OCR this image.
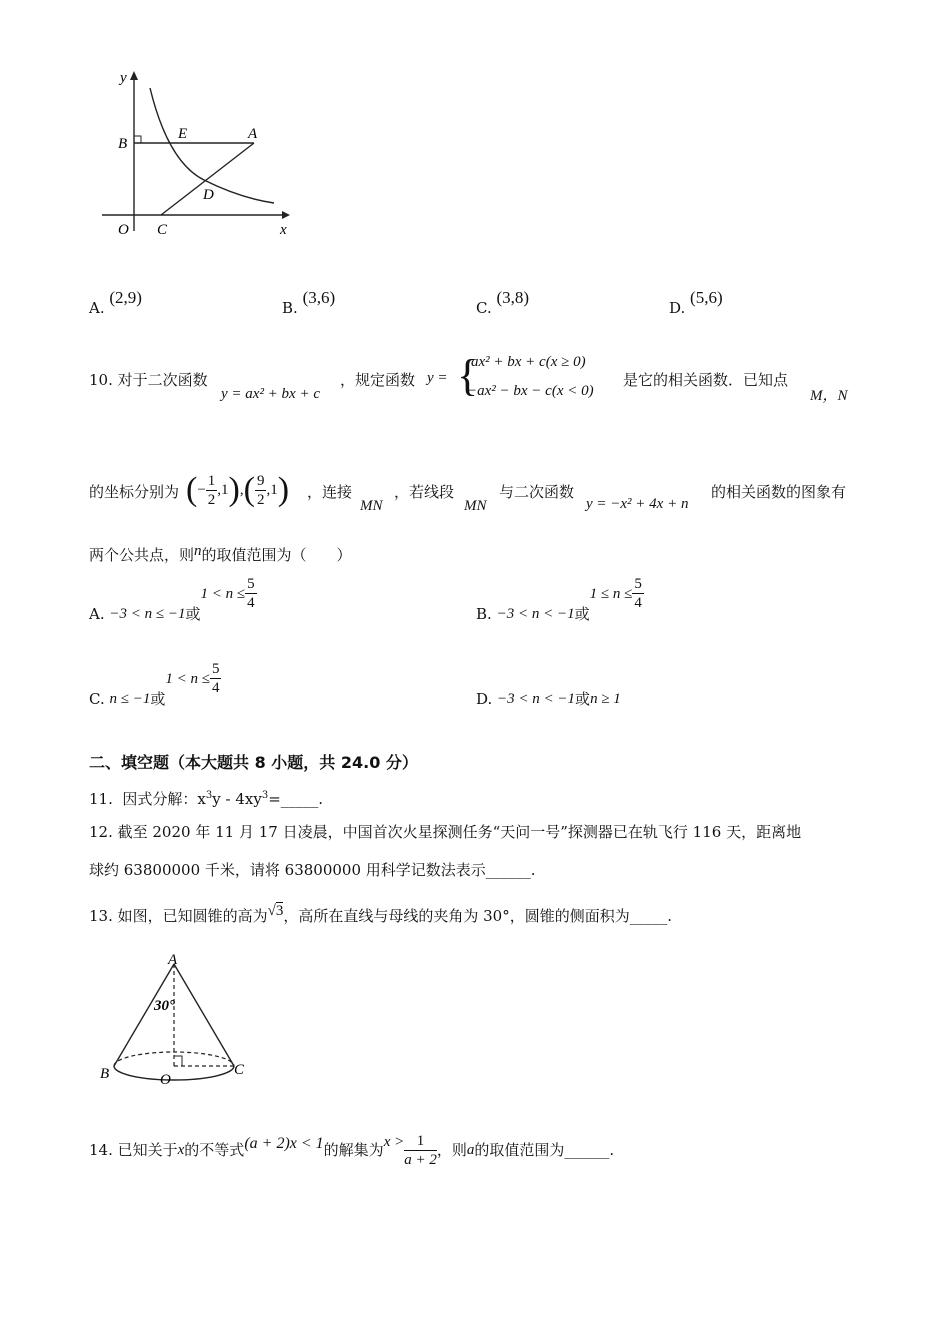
y
x
B
E	A
D
O C
A. (2,9)
B. (3,6)
C. (3,8)
D. (5,6)
10. 对于二次函数
y = ax² + bx + c
，规定函数 y = {
ax² + bx + c(x ≥ 0)
−ax² − bx − c(x < 0)
是它的相关函数．已知点
M，N
的坐标分别为 ( − $\frac{1}{2} ,1$ ) , ( $\frac{9}{2} ,1$ ) ，连接
MN
，若线段
MN
与二次函数
y = −x² + 4x + n
的相关函数的图象有
两个公共点，则n的取值范围为（　　）
A.
−3 < n ≤ −1 或
$1 < n \le \frac{5}{4}$
B.
−3 < n < −1 或
$1 \le n \le \frac{5}{4}$
C.
n ≤ −1 或
$1 < n \le \frac{5}{4}$
D.
−3 < n < −1 或 n ≥ 1
二、填空题（本大题共 8 小题，共 24.0 分）
11. 因式分解：$x^3y$ - $4xy^3=\_\_\_\_\_$.
12. 截至 2020 年 11 月 17 日凌晨，中国首次火星探测任务“天问一号”探测器已在轨飞行 116 天，距离地
球约 63800000 千米，请将 63800000 用科学记数法表示______.
13. 如图，已知圆锥的高为√3，高所在直线与母线的夹角为 30°，圆锥的侧面积为_____.
A
B	C
O
30°
14. 已知关于 x 的不等式 (a + 2)x < 1 的解集为 $x > \frac{1}{a + 2}$ ，则 a 的取值范围为______.
